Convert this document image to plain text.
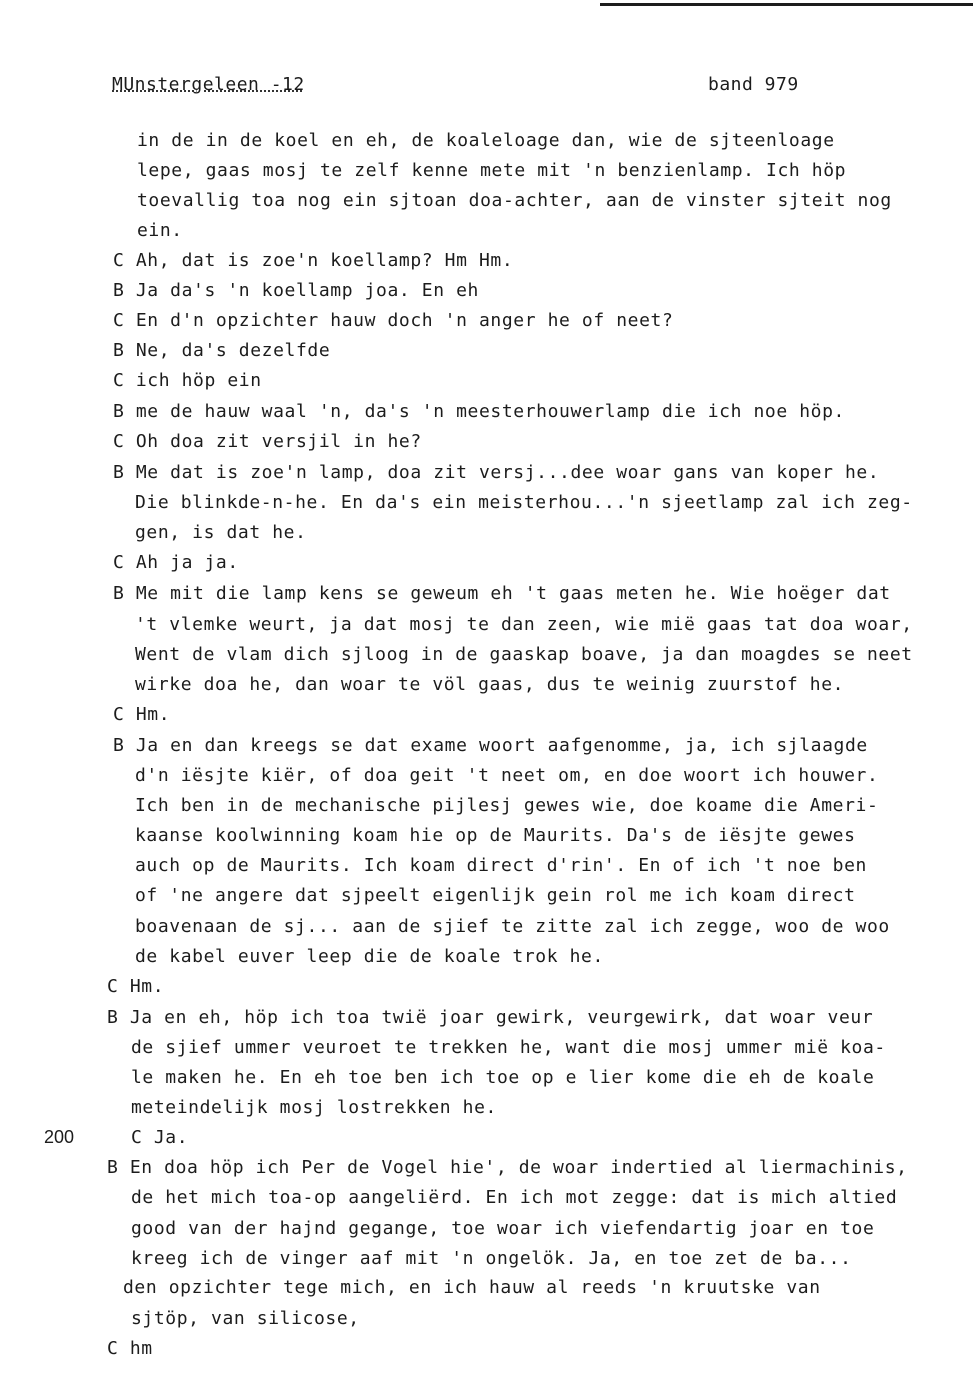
MUnstergeleen -12	band 979
200
in de in de koel en eh, de koaleloage dan, wie de sjteenloage
lepe, gaas mosj te zelf kenne mete mit 'n benzienlamp. Ich höp
toevallig toa nog ein sjtoan doa-achter, aan de vinster sjteit nog
ein.
C Ah, dat is zoe'n koellamp? Hm Hm.
B Ja da's 'n koellamp joa. En eh
C En d'n opzichter hauw doch 'n anger he of neet?
B Ne, da's dezelfde
C ich höp ein
B me de hauw waal 'n, da's 'n meesterhouwerlamp die ich noe höp.
C Oh doa zit versjil in he?
B Me dat is zoe'n lamp, doa zit versj...dee woar gans van koper he.
Die blinkde-n-he. En da's ein meisterhou...'n sjeetlamp zal ich zeg-
gen, is dat he.
C Ah ja ja.
B Me mit die lamp kens se geweum eh 't gaas meten he. Wie hoëger dat
't vlemke weurt, ja dat mosj te dan zeen, wie mië gaas tat doa woar,
Went de vlam dich sjloog in de gaaskap boave, ja dan moagdes se neet
wirke doa he, dan woar te völ gaas, dus te weinig zuurstof he.
C Hm.
B Ja en dan kreegs se dat exame woort aafgenomme, ja, ich sjlaagde
d'n iësjte kiër, of doa geit 't neet om, en doe woort ich houwer.
Ich ben in de mechanische pijlesj gewes wie, doe koame die Ameri-
kaanse koolwinning koam hie op de Maurits. Da's de iësjte gewes
auch op de Maurits. Ich koam direct d'rin'. En of ich 't noe ben
of 'ne angere dat sjpeelt eigenlijk gein rol me ich koam direct
boavenaan de sj... aan de sjief te zitte zal ich zegge, woo de woo
de kabel euver leep die de koale trok he.
C Hm.
B Ja en eh, höp ich toa twië joar gewirk, veurgewirk, dat woar veur
de sjief ummer veuroet te trekken he, want die mosj ummer mië koa-
le maken he. En eh toe ben ich toe op e lier kome die eh de koale
meteindelijk mosj lostrekken he.
C Ja.
B En doa höp ich Per de Vogel hie', de woar indertied al liermachinis,
de het mich toa-op aangeliërd. En ich mot zegge: dat is mich altied
good van der hajnd gegange, toe woar ich viefendartig joar en toe
kreeg ich de vinger aaf mit 'n ongelök. Ja, en toe zet de ba...
den opzichter tege mich, en ich hauw al reeds 'n kruutske van
sjtöp, van silicose,
C hm
